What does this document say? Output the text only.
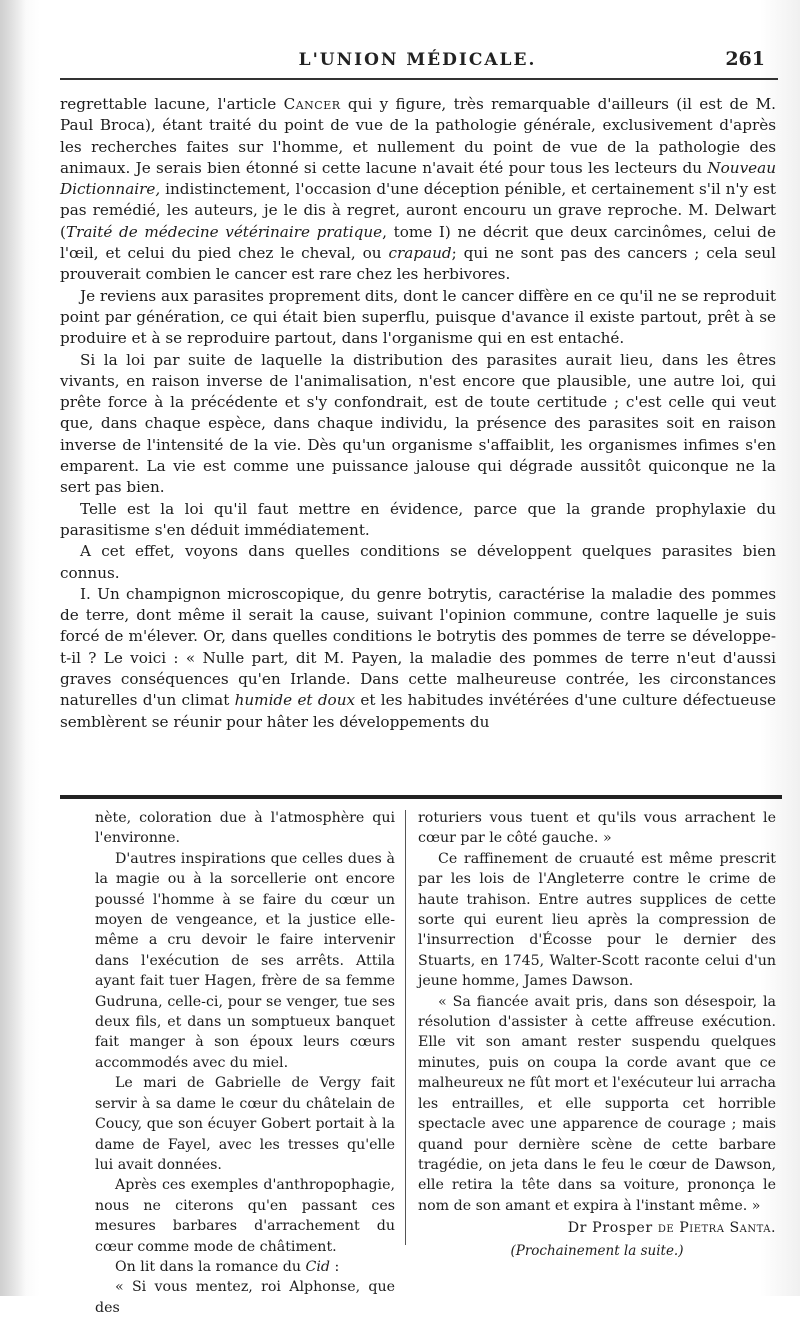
L'UNION MÉDICALE.	261

regrettable lacune, l'article Cancer qui y figure, très remarquable d'ailleurs (il est de M. Paul Broca), étant traité du point de vue de la pathologie générale, exclusivement d'après les recherches faites sur l'homme, et nullement du point de vue de la pathologie des animaux. Je serais bien étonné si cette lacune n'avait été pour tous les lecteurs du Nouveau Dictionnaire, indistinctement, l'occasion d'une déception pénible, et certainement s'il n'y est pas remédié, les auteurs, je le dis à regret, auront encouru un grave reproche. M. Delwart (Traité de médecine vétérinaire pratique, tome I) ne décrit que deux carcinômes, celui de l'œil, et celui du pied chez le cheval, ou crapaud; qui ne sont pas des cancers ; cela seul prouverait combien le cancer est rare chez les herbivores.

Je reviens aux parasites proprement dits, dont le cancer diffère en ce qu'il ne se reproduit point par génération, ce qui était bien superflu, puisque d'avance il existe partout, prêt à se produire et à se reproduire partout, dans l'organisme qui en est entaché.

Si la loi par suite de laquelle la distribution des parasites aurait lieu, dans les êtres vivants, en raison inverse de l'animalisation, n'est encore que plausible, une autre loi, qui prête force à la précédente et s'y confondrait, est de toute certitude ; c'est celle qui veut que, dans chaque espèce, dans chaque individu, la présence des parasites soit en raison inverse de l'intensité de la vie. Dès qu'un organisme s'affaiblit, les organismes infimes s'en emparent. La vie est comme une puissance jalouse qui dégrade aussitôt quiconque ne la sert pas bien.

Telle est la loi qu'il faut mettre en évidence, parce que la grande prophylaxie du parasitisme s'en déduit immédiatement.

A cet effet, voyons dans quelles conditions se développent quelques parasites bien connus.

I. Un champignon microscopique, du genre botrytis, caractérise la maladie des pommes de terre, dont même il serait la cause, suivant l'opinion commune, contre laquelle je suis forcé de m'élever. Or, dans quelles conditions le botrytis des pommes de terre se développe-t-il ? Le voici : « Nulle part, dit M. Payen, la maladie des pommes de terre n'eut d'aussi graves conséquences qu'en Irlande. Dans cette malheureuse contrée, les circonstances naturelles d'un climat humide et doux et les habitudes invétérées d'une culture défectueuse semblèrent se réunir pour hâter les développements du

nète, coloration due à l'atmosphère qui l'environne.

D'autres inspirations que celles dues à la magie ou à la sorcellerie ont encore poussé l'homme à se faire du cœur un moyen de vengeance, et la justice elle-même a cru devoir le faire intervenir dans l'exécution de ses arrêts. Attila ayant fait tuer Hagen, frère de sa femme Gudruna, celle-ci, pour se venger, tue ses deux fils, et dans un somptueux banquet fait manger à son époux leurs cœurs accommodés avec du miel.

Le mari de Gabrielle de Vergy fait servir à sa dame le cœur du châtelain de Coucy, que son écuyer Gobert portait à la dame de Fayel, avec les tresses qu'elle lui avait données.

Après ces exemples d'anthropophagie, nous ne citerons qu'en passant ces mesures barbares d'arrachement du cœur comme mode de châtiment.

On lit dans la romance du Cid :

« Si vous mentez, roi Alphonse, que des

roturiers vous tuent et qu'ils vous arrachent le cœur par le côté gauche. »

Ce raffinement de cruauté est même prescrit par les lois de l'Angleterre contre le crime de haute trahison. Entre autres supplices de cette sorte qui eurent lieu après la compression de l'insurrection d'Écosse pour le dernier des Stuarts, en 1745, Walter-Scott raconte celui d'un jeune homme, James Dawson.

« Sa fiancée avait pris, dans son désespoir, la résolution d'assister à cette affreuse exécution. Elle vit son amant rester suspendu quelques minutes, puis on coupa la corde avant que ce malheureux ne fût mort et l'exécuteur lui arracha les entrailles, et elle supporta cet horrible spectacle avec une apparence de courage ; mais quand pour dernière scène de cette barbare tragédie, on jeta dans le feu le cœur de Dawson, elle retira la tête dans sa voiture, prononça le nom de son amant et expira à l'instant même. »

Dr Prosper de Pietra Santa.

(Prochainement la suite.)
